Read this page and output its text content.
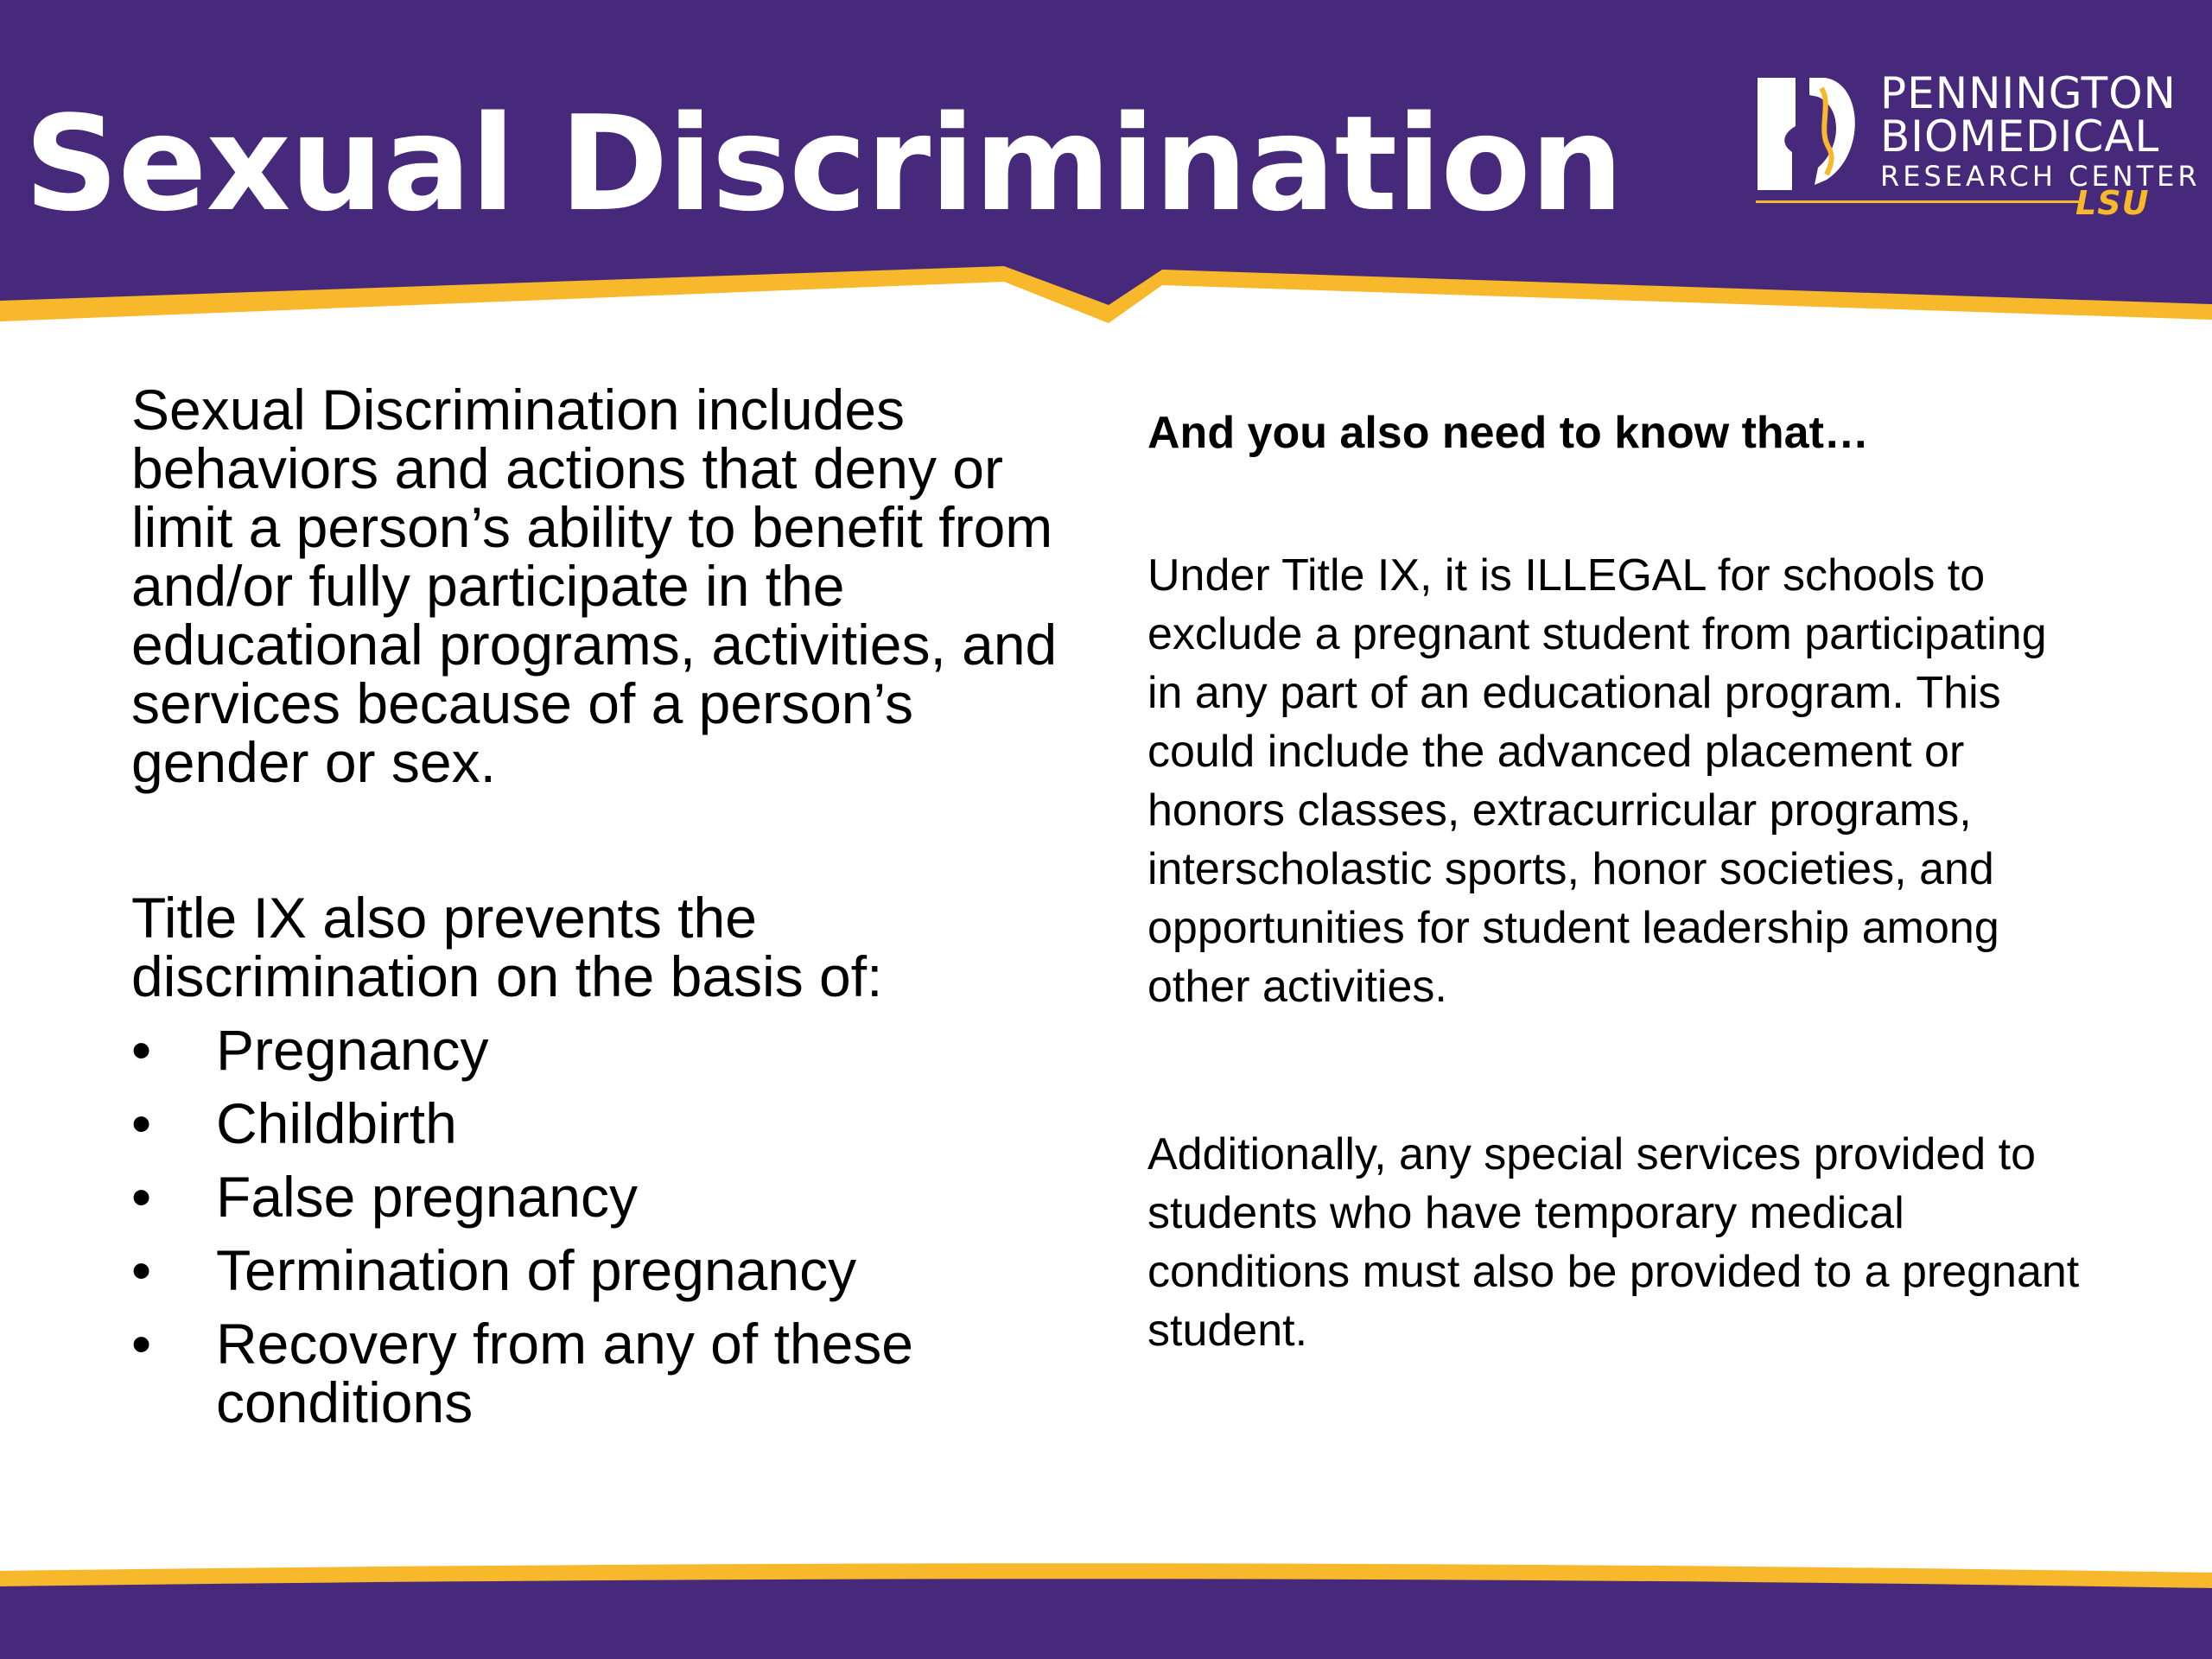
Sexual Discrimination	PENNINGTON
BIOMEDICAL
RESEARCH CENTER
LSU

Sexual Discrimination includes behaviors and actions that deny or limit a person’s ability to benefit from and/or fully participate in the educational programs, activities, and services because of a person’s gender or sex.

Title IX also prevents the discrimination on the basis of:

• Pregnancy
• Childbirth
• False pregnancy
• Termination of pregnancy
• Recovery from any of these conditions
And you also need to know that…

Under Title IX, it is ILLEGAL for schools to exclude a pregnant student from participating in any part of an educational program. This could include the advanced placement or honors classes, extracurricular programs, interscholastic sports, honor societies, and opportunities for student leadership among other activities.

Additionally, any special services provided to students who have temporary medical conditions must also be provided to a pregnant student.
